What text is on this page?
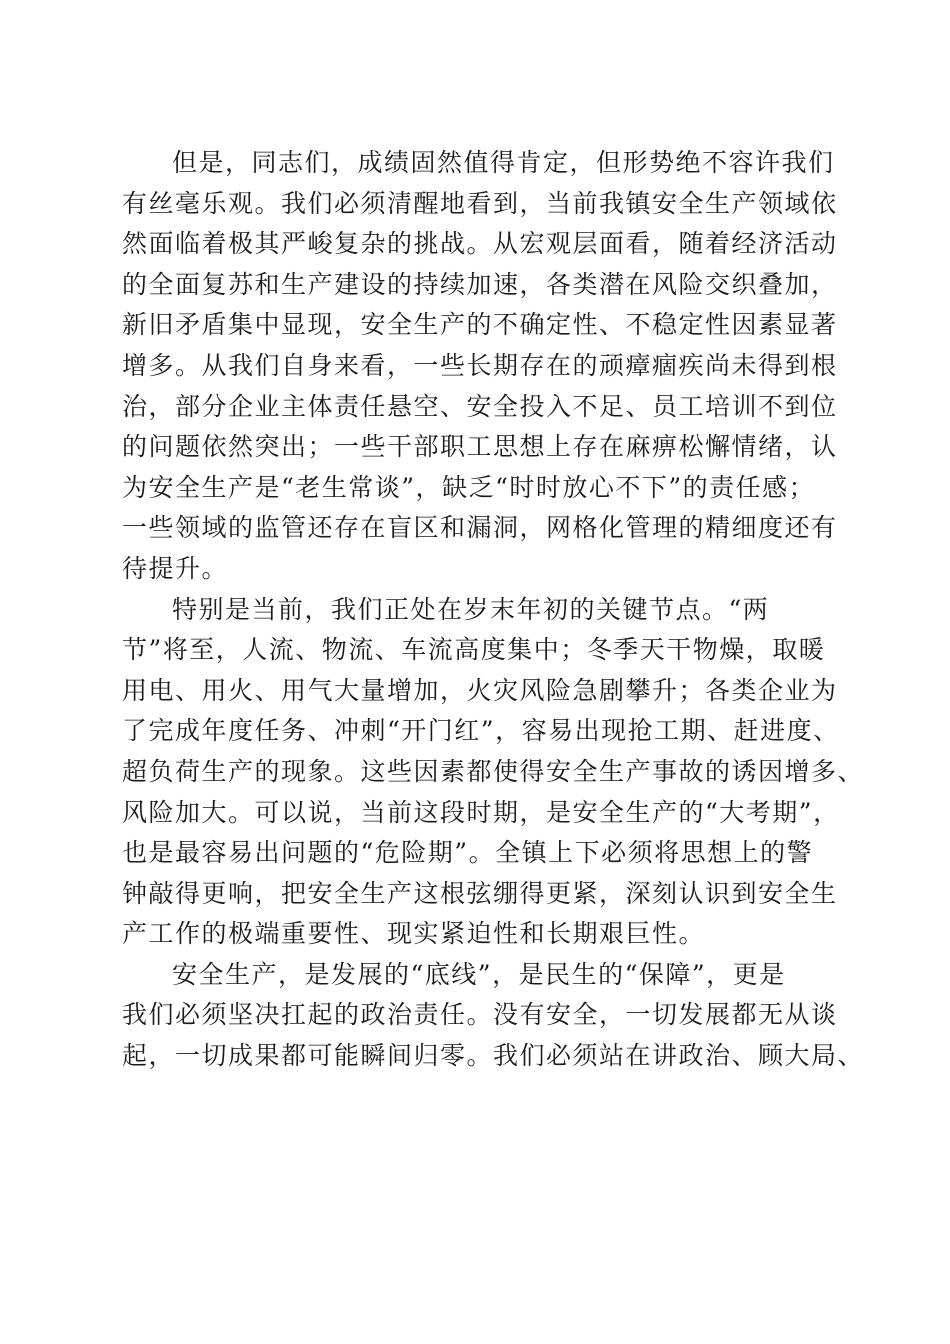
但是，同志们，成绩固然值得肯定，但形势绝不容许我们
有丝毫乐观。我们必须清醒地看到，当前我镇安全生产领域依
然面临着极其严峻复杂的挑战。从宏观层面看，随着经济活动
的全面复苏和生产建设的持续加速，各类潜在风险交织叠加，
新旧矛盾集中显现，安全生产的不确定性、不稳定性因素显著
增多。从我们自身来看，一些长期存在的顽瘴痼疾尚未得到根
治，部分企业主体责任悬空、安全投入不足、员工培训不到位
的问题依然突出；一些干部职工思想上存在麻痹松懈情绪，认
为安全生产是“老生常谈”，缺乏“时时放心不下”的责任感；
一些领域的监管还存在盲区和漏洞，网格化管理的精细度还有
待提升。
特别是当前，我们正处在岁末年初的关键节点。“两
节”将至，人流、物流、车流高度集中；冬季天干物燥，取暖
用电、用火、用气大量增加，火灾风险急剧攀升；各类企业为
了完成年度任务、冲刺“开门红”，容易出现抢工期、赶进度、
超负荷生产的现象。这些因素都使得安全生产事故的诱因增多、
风险加大。可以说，当前这段时期，是安全生产的“大考期”，
也是最容易出问题的“危险期”。全镇上下必须将思想上的警
钟敲得更响，把安全生产这根弦绷得更紧，深刻认识到安全生
产工作的极端重要性、现实紧迫性和长期艰巨性。
安全生产，是发展的“底线”，是民生的“保障”，更是
我们必须坚决扛起的政治责任。没有安全，一切发展都无从谈
起，一切成果都可能瞬间归零。我们必须站在讲政治、顾大局、
